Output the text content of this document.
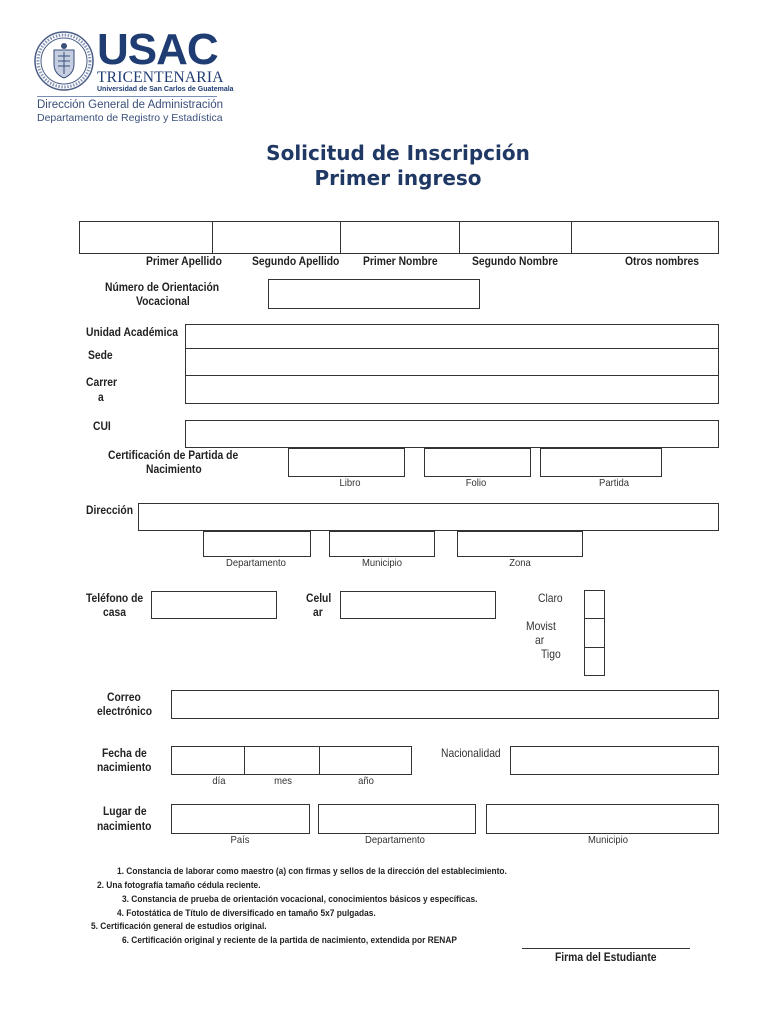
USAC
TRICENTENARIA
Universidad de San Carlos de Guatemala
Dirección General de Administración
Departamento de Registro y Estadística
Solicitud de Inscripción
Primer ingreso
Primer Apellido	Segundo Apellido Primer Nombre	Segundo Nombre	Otros nombres
Número de Orientación
Vocacional
Unidad Académica
Sede
Carrer
a
CUI
Certificación de Partida de
Nacimiento
Libro	Folio	Partida
Dirección
Departamento	Municipio	Zona
Teléfono de
casa
Celul
ar
Claro
Movist
ar
Tigo
Correo
electrónico
Fecha de
nacimiento
día	mes	año
Nacionalidad
Lugar de
nacimiento
País	Departamento	Municipio
1. Constancia de laborar como maestro (a) con firmas y sellos de la dirección del establecimiento.
2. Una fotografía tamaño cédula reciente.
3. Constancia de prueba de orientación vocacional, conocimientos básicos y específicas.
4. Fotostática de Título de diversificado en tamaño 5x7 pulgadas.
5. Certificación general de estudios original.
6. Certificación original y reciente de la partida de nacimiento, extendida por RENAP
Firma del Estudiante
